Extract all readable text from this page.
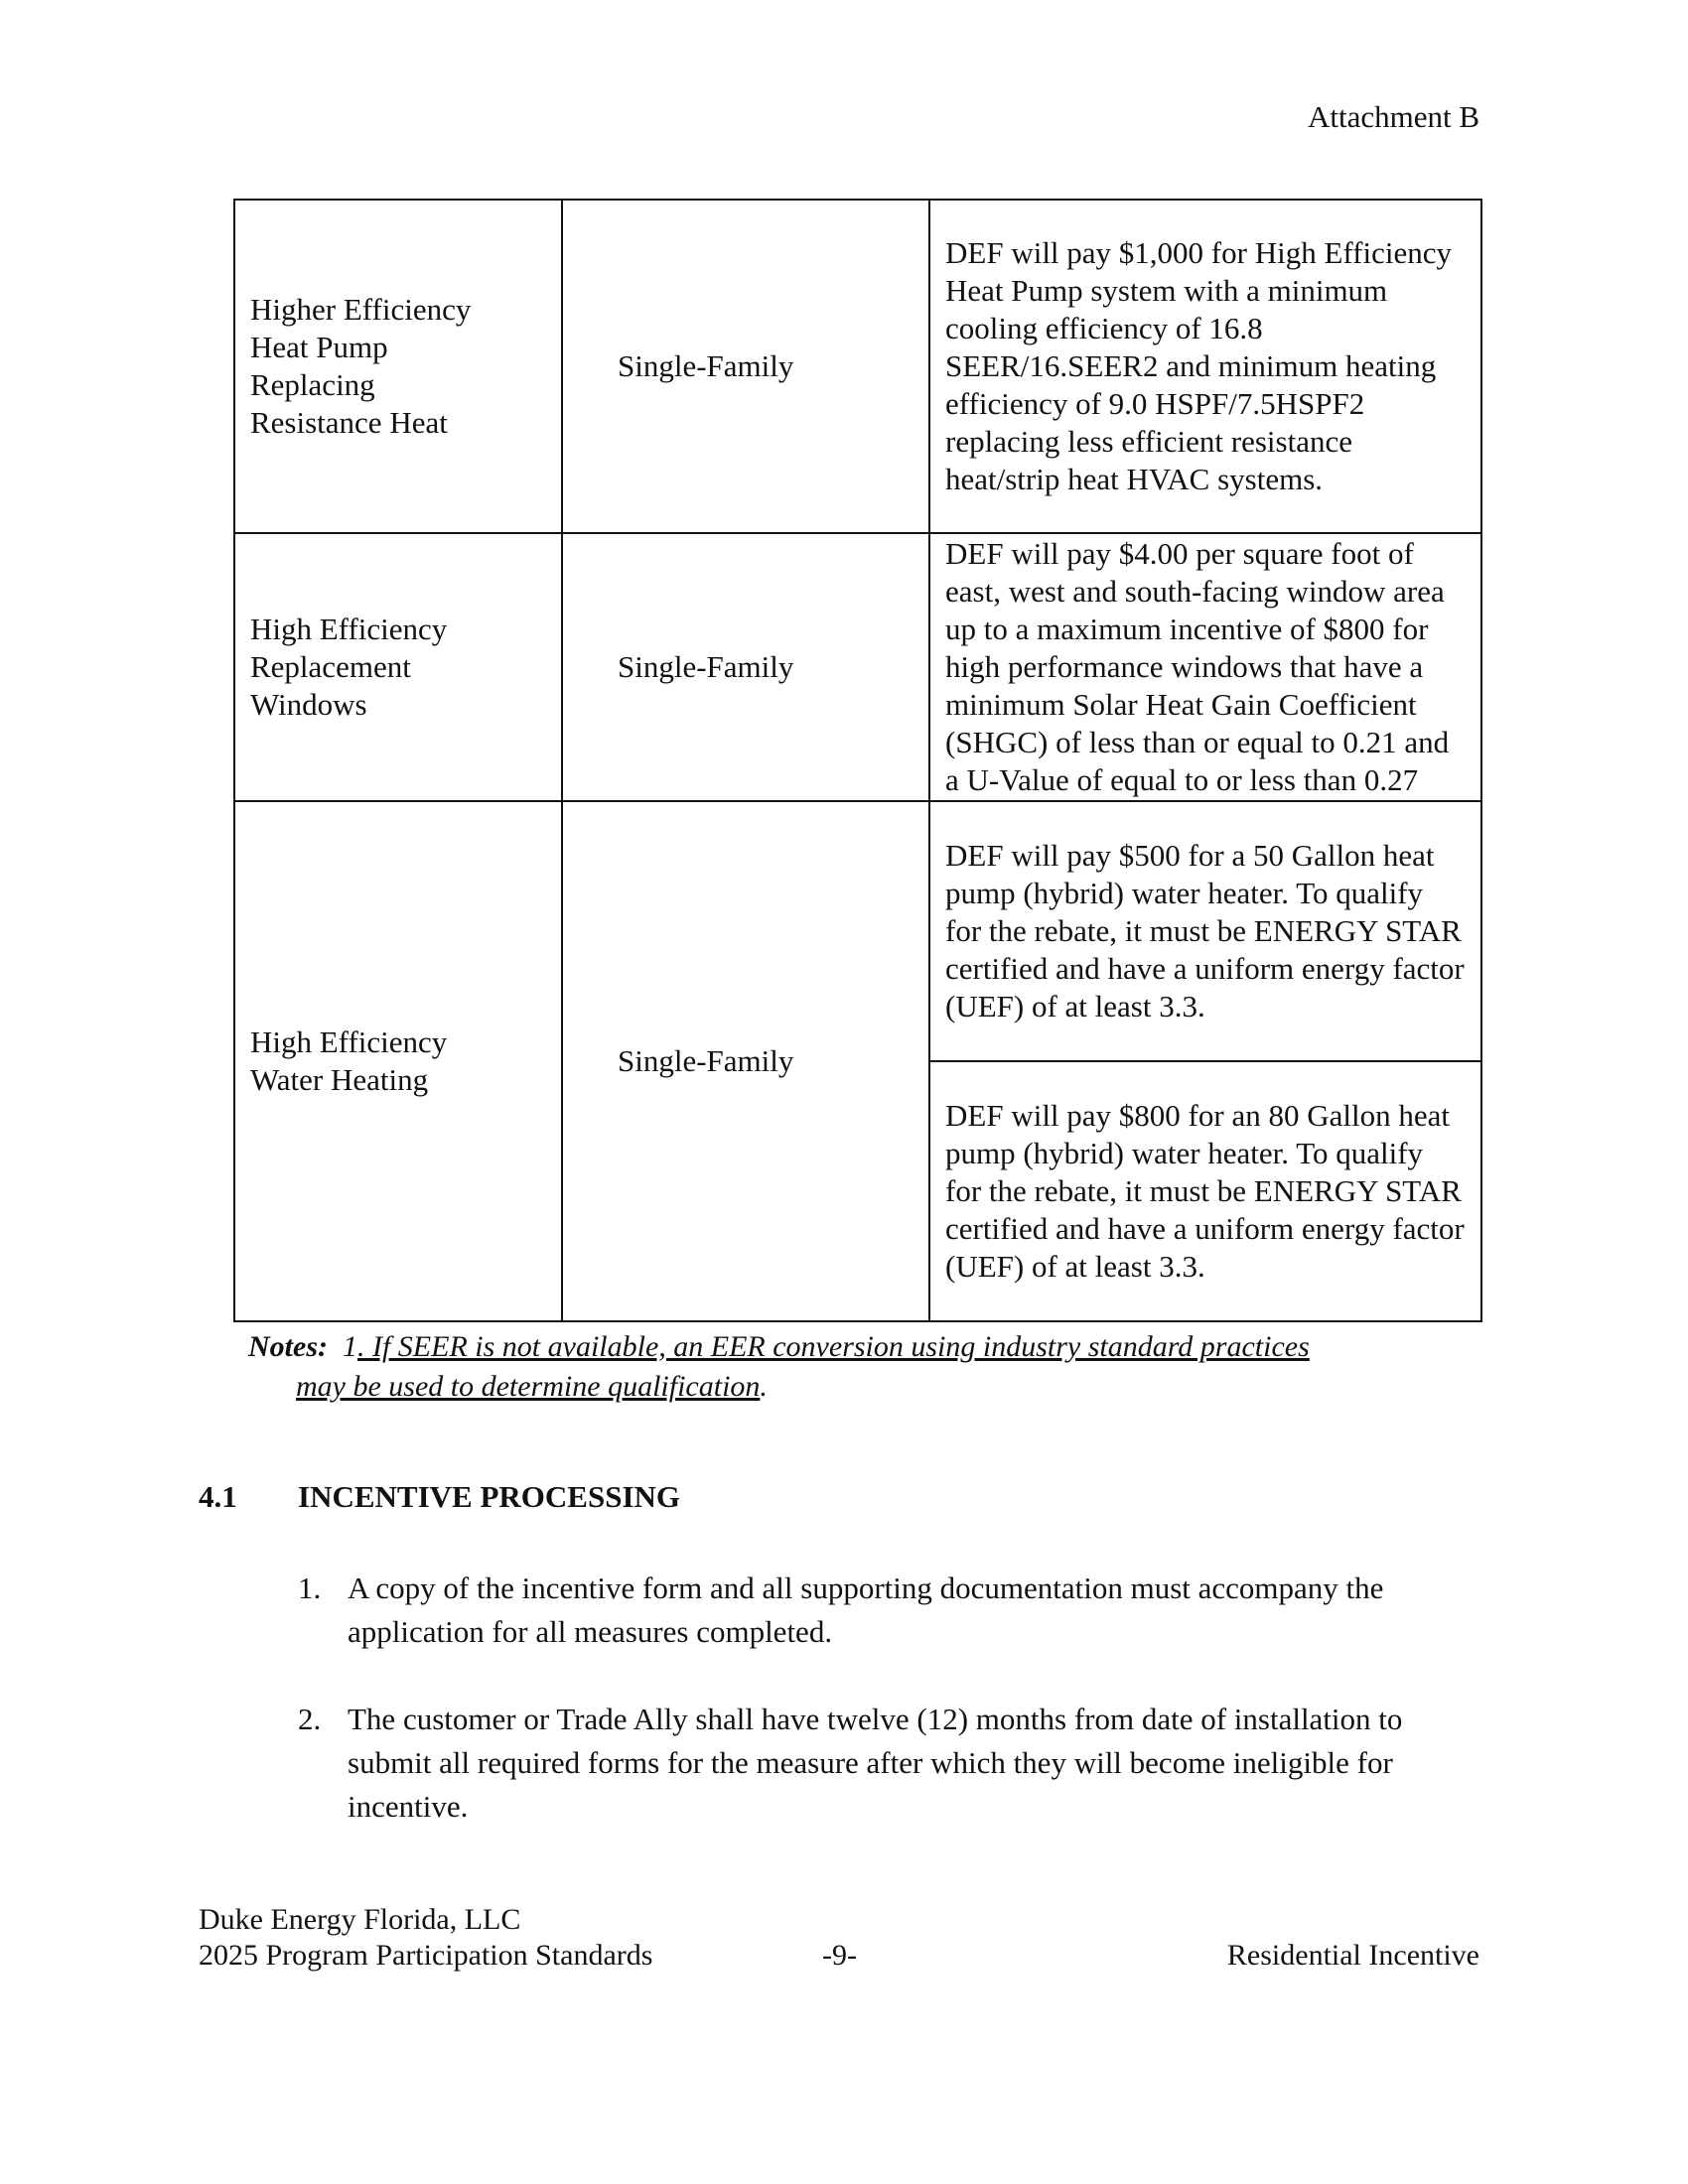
Attachment B
Higher Efficiency Heat Pump Replacing Resistance Heat	Single-Family	DEF will pay $1,000 for High Efficiency Heat Pump system with a minimum cooling efficiency of 16.8 SEER/16.SEER2 and minimum heating efficiency of 9.0 HSPF/7.5HSPF2 replacing less efficient resistance heat/strip heat HVAC systems.

High Efficiency Replacement Windows	Single-Family	DEF will pay $4.00 per square foot of east, west and south-facing window area up to a maximum incentive of $800 for high performance windows that have a minimum Solar Heat Gain Coefficient (SHGC) of less than or equal to 0.21 and a U-Value of equal to or less than 0.27

High Efficiency Water Heating	Single-Family	DEF will pay $500 for a 50 Gallon heat pump (hybrid) water heater. To qualify for the rebate, it must be ENERGY STAR certified and have a uniform energy factor (UEF) of at least 3.3.
		DEF will pay $800 for an 80 Gallon heat pump (hybrid) water heater. To qualify for the rebate, it must be ENERGY STAR certified and have a uniform energy factor (UEF) of at least 3.3.
Notes: 1. If SEER is not available, an EER conversion using industry standard practices
may be used to determine qualification.
4.1 INCENTIVE PROCESSING
1. A copy of the incentive form and all supporting documentation must accompany the application for all measures completed.
2. The customer or Trade Ally shall have twelve (12) months from date of installation to submit all required forms for the measure after which they will become ineligible for incentive.
Duke Energy Florida, LLC
2025 Program Participation Standards	-9-	Residential Incentive
